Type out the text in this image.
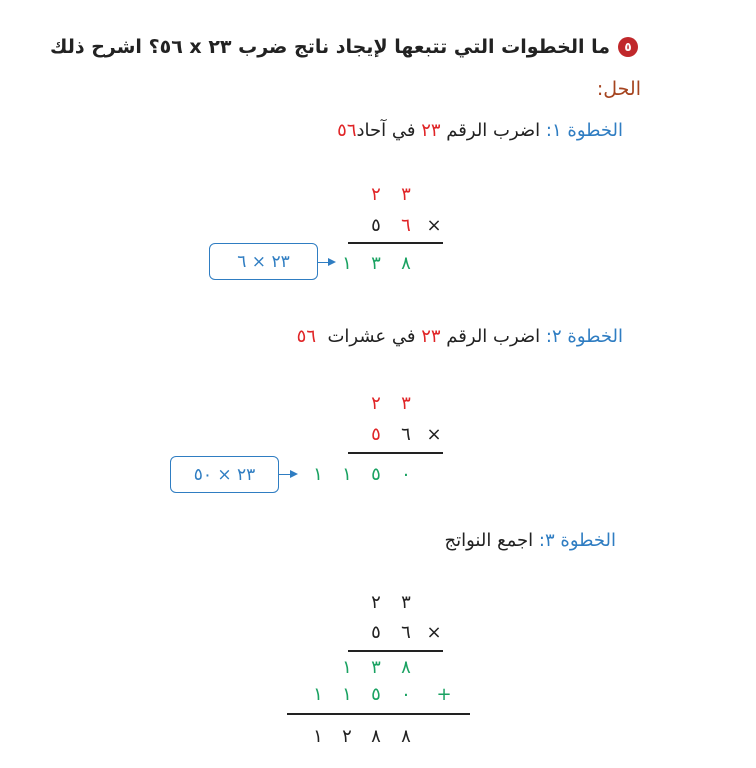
٥
ما الخطوات التي تتبعها لإيجاد ناتج ضرب ٢٣ x ٥٦؟ اشرح ذلك
الحل:
الخطوة ١: اضرب الرقم ٢٣ في آحاد٥٦
٢ ٣
٥ ٦ ×
١ ٣ ٨
٢٣ × ٦
الخطوة ٢: اضرب الرقم ٢٣ في عشرات  ٥٦
٢ ٣
٥ ٦ ×
١ ١ ٥ ٠
٢٣ × ٥٠
الخطوة ٣: اجمع النواتج
٢ ٣
٥ ٦ ×
١ ٣ ٨
١ ١ ٥ ٠ +
١ ٢ ٨ ٨
